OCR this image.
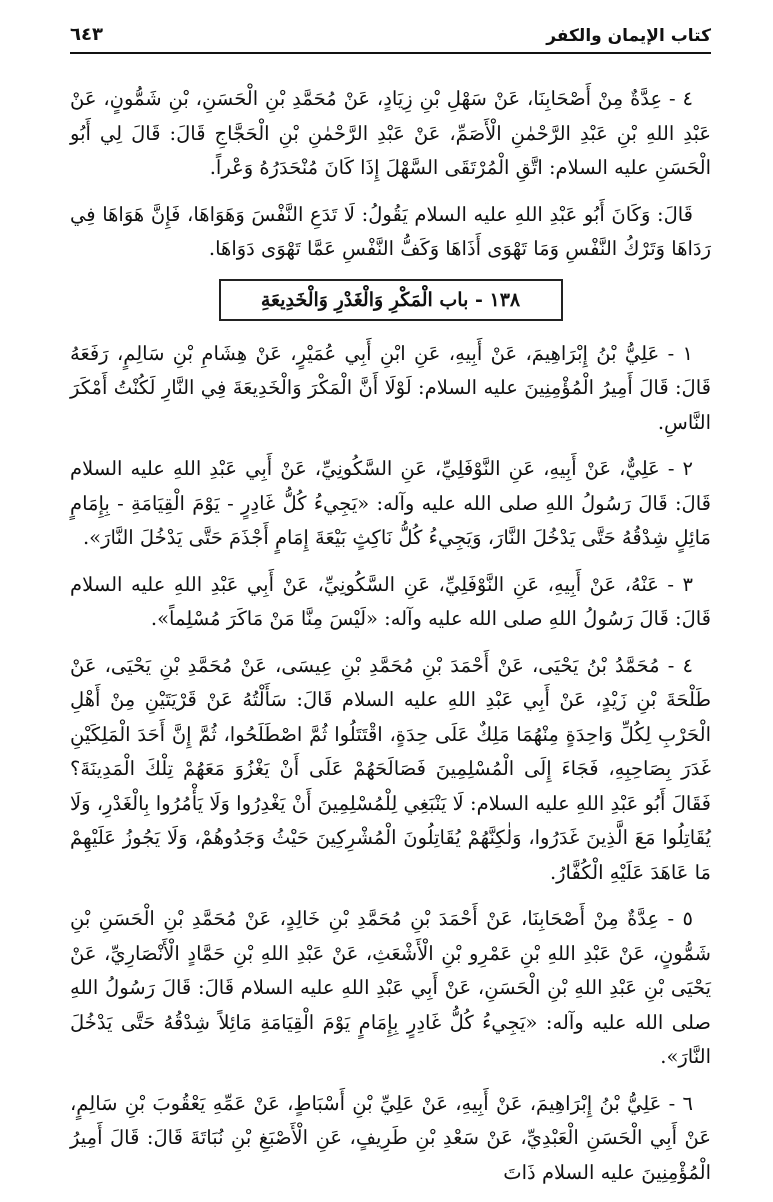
كتاب الإيمان والكفر
٦٤٣

٤ - عِدَّةٌ مِنْ أَصْحَابِنَا، عَنْ سَهْلِ بْنِ زِيَادٍ، عَنْ مُحَمَّدِ بْنِ الْحَسَنِ، بْنِ شَمُّونٍ، عَنْ عَبْدِ اللهِ بْنِ عَبْدِ الرَّحْمٰنِ الْأَصَمِّ، عَنْ عَبْدِ الرَّحْمٰنِ بْنِ الْحَجَّاجِ قَالَ: قَالَ لِي أَبُو الْحَسَنِ عليه السلام: اتَّقِ الْمُرْتَقَى السَّهْلَ إِذَا كَانَ مُنْحَدَرُهُ وَعْراً.

قَالَ: وَكَانَ أَبُو عَبْدِ اللهِ عليه السلام يَقُولُ: لَا تَدَعِ النَّفْسَ وَهَوَاهَا، فَإِنَّ هَوَاهَا فِي رَدَاهَا وَتَرْكُ النَّفْسِ وَمَا تَهْوَى أَذَاهَا وَكَفُّ النَّفْسِ عَمَّا تَهْوَى دَوَاهَا.

١٣٨ - باب الْمَكْرِ وَالْغَدْرِ وَالْخَدِيعَةِ

١ - عَلِيُّ بْنُ إِبْرَاهِيمَ، عَنْ أَبِيهِ، عَنِ ابْنِ أَبِي عُمَيْرٍ، عَنْ هِشَامِ بْنِ سَالِمٍ، رَفَعَهُ قَالَ: قَالَ أَمِيرُ الْمُؤْمِنِينَ عليه السلام: لَوْلَا أَنَّ الْمَكْرَ وَالْخَدِيعَةَ فِي النَّارِ لَكُنْتُ أَمْكَرَ النَّاسِ.

٢ - عَلِيٌّ، عَنْ أَبِيهِ، عَنِ النَّوْفَلِيِّ، عَنِ السَّكُونِيِّ، عَنْ أَبِي عَبْدِ اللهِ عليه السلام قَالَ: قَالَ رَسُولُ اللهِ صلى الله عليه وآله: «يَجِيءُ كُلُّ غَادِرٍ - يَوْمَ الْقِيَامَةِ - بِإِمَامٍ مَائِلٍ شِدْقُهُ حَتَّى يَدْخُلَ النَّارَ، وَيَجِيءُ كُلُّ نَاكِثٍ بَيْعَةَ إِمَامٍ أَجْذَمَ حَتَّى يَدْخُلَ النَّارَ».

٣ - عَنْهُ، عَنْ أَبِيهِ، عَنِ النَّوْفَلِيِّ، عَنِ السَّكُونِيِّ، عَنْ أَبِي عَبْدِ اللهِ عليه السلام قَالَ: قَالَ رَسُولُ اللهِ صلى الله عليه وآله: «لَيْسَ مِنَّا مَنْ مَاكَرَ مُسْلِماً».

٤ - مُحَمَّدُ بْنُ يَحْيَى، عَنْ أَحْمَدَ بْنِ مُحَمَّدِ بْنِ عِيسَى، عَنْ مُحَمَّدِ بْنِ يَحْيَى، عَنْ طَلْحَةَ بْنِ زَيْدٍ، عَنْ أَبِي عَبْدِ اللهِ عليه السلام قَالَ: سَأَلْتُهُ عَنْ قَرْيَتَيْنِ مِنْ أَهْلِ الْحَرْبِ لِكُلِّ وَاحِدَةٍ مِنْهُمَا مَلِكٌ عَلَى حِدَةٍ، اقْتَتَلُوا ثُمَّ اصْطَلَحُوا، ثُمَّ إِنَّ أَحَدَ الْمَلِكَيْنِ غَدَرَ بِصَاحِبِهِ، فَجَاءَ إِلَى الْمُسْلِمِينَ فَصَالَحَهُمْ عَلَى أَنْ يَغْزُوَ مَعَهُمْ تِلْكَ الْمَدِينَةَ؟ فَقَالَ أَبُو عَبْدِ اللهِ عليه السلام: لَا يَنْبَغِي لِلْمُسْلِمِينَ أَنْ يَغْدِرُوا وَلَا يَأْمُرُوا بِالْغَدْرِ، وَلَا يُقَاتِلُوا مَعَ الَّذِينَ غَدَرُوا، وَلٰكِنَّهُمْ يُقَاتِلُونَ الْمُشْرِكِينَ حَيْثُ وَجَدُوهُمْ، وَلَا يَجُوزُ عَلَيْهِمْ مَا عَاهَدَ عَلَيْهِ الْكُفَّارُ.

٥ - عِدَّةٌ مِنْ أَصْحَابِنَا، عَنْ أَحْمَدَ بْنِ مُحَمَّدِ بْنِ خَالِدٍ، عَنْ مُحَمَّدِ بْنِ الْحَسَنِ بْنِ شَمُّونٍ، عَنْ عَبْدِ اللهِ بْنِ عَمْرِو بْنِ الْأَشْعَثِ، عَنْ عَبْدِ اللهِ بْنِ حَمَّادٍ الْأَنْصَارِيِّ، عَنْ يَحْيَى بْنِ عَبْدِ اللهِ بْنِ الْحَسَنِ، عَنْ أَبِي عَبْدِ اللهِ عليه السلام قَالَ: قَالَ رَسُولُ اللهِ صلى الله عليه وآله: «يَجِيءُ كُلُّ غَادِرٍ بِإِمَامٍ يَوْمَ الْقِيَامَةِ مَائِلاً شِدْقُهُ حَتَّى يَدْخُلَ النَّارَ».

٦ - عَلِيُّ بْنُ إِبْرَاهِيمَ، عَنْ أَبِيهِ، عَنْ عَلِيِّ بْنِ أَسْبَاطٍ، عَنْ عَمِّهِ يَعْقُوبَ بْنِ سَالِمٍ، عَنْ أَبِي الْحَسَنِ الْعَبْدِيِّ، عَنْ سَعْدِ بْنِ طَرِيفٍ، عَنِ الْأَصْبَغِ بْنِ نُبَاتَةَ قَالَ: قَالَ أَمِيرُ الْمُؤْمِنِينَ عليه السلام ذَاتَ
